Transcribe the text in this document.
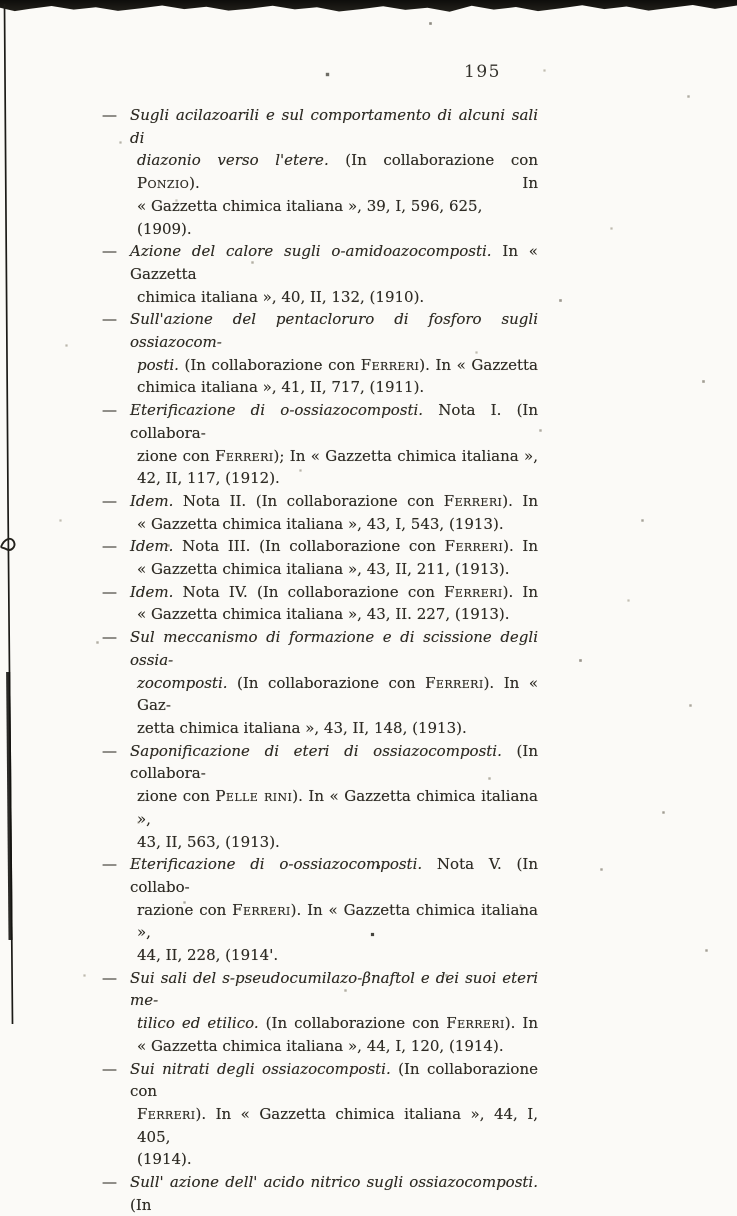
195
— Sugli acilazoarili e sul comportamento di alcuni sali di
diazonio verso l'etere. (In collaborazione con Ponzio). In
« Gazzetta chimica italiana », 39, I, 596, 625, (1909).
— Azione del calore sugli o-amidoazocomposti. In « Gazzetta
chimica italiana », 40, II, 132, (1910).
— Sull'azione del pentacloruro di fosforo sugli ossiazocom-
posti. (In collaborazione con Ferreri). In « Gazzetta
chimica italiana », 41, II, 717, (1911).
— Eterificazione di o-ossiazocomposti. Nota I. (In collabora-
zione con Ferreri); In « Gazzetta chimica italiana »,
42, II, 117, (1912).
— Idem. Nota II. (In collaborazione con Ferreri). In
« Gazzetta chimica italiana », 43, I, 543, (1913).
— Idem. Nota III. (In collaborazione con Ferreri). In
« Gazzetta chimica italiana », 43, II, 211, (1913).
— Idem. Nota IV. (In collaborazione con Ferreri). In
« Gazzetta chimica italiana », 43, II. 227, (1913).
— Sul meccanismo di formazione e di scissione degli ossia-
zocomposti. (In collaborazione con Ferreri). In « Gaz-
zetta chimica italiana », 43, II, 148, (1913).
— Saponificazione di eteri di ossiazocomposti. (In collabora-
zione con Pelle rini). In « Gazzetta chimica italiana »,
43, II, 563, (1913).
— Eterificazione di o-ossiazocomposti. Nota V. (In collabo-
razione con Ferreri). In « Gazzetta chimica italiana »,
44, II, 228, (1914'.
— Sui sali del s-pseudocumilazo-βnaftol e dei suoi eteri me-
tilico ed etilico. (In collaborazione con Ferreri). In
« Gazzetta chimica italiana », 44, I, 120, (1914).
— Sui nitrati degli ossiazocomposti. (In collaborazione con
Ferreri). In « Gazzetta chimica italiana », 44, I, 405,
(1914).
— Sull' azione dell' acido nitrico sugli ossiazocomposti. (In
